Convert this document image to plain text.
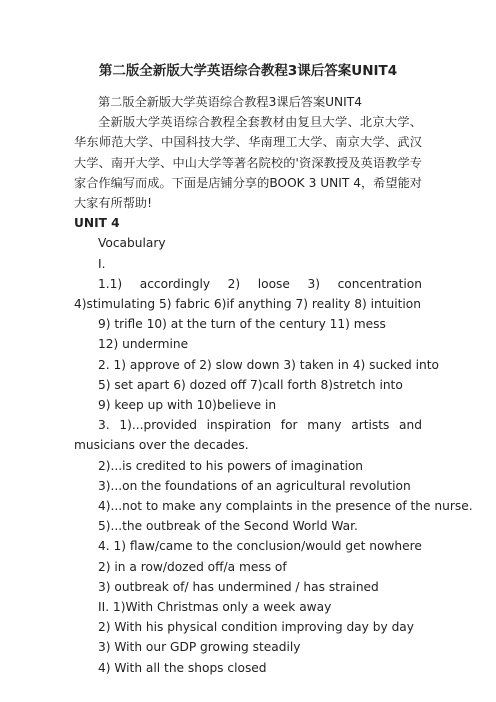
第二版全新版大学英语综合教程3课后答案UNIT4

第二版全新版大学英语综合教程3课后答案UNIT4

全新版大学英语综合教程全套教材由复旦大学、北京大学、华东师范大学、中国科技大学、华南理工大学、南京大学、武汉大学、南开大学、中山大学等著名院校的'资深教授及英语教学专家合作编写而成。下面是店铺分享的BOOK 3 UNIT 4，希望能对大家有所帮助!

UNIT 4

Vocabulary

I.

1.1) accordingly 2) loose 3) concentration 4)stimulating 5) fabric 6)if anything 7) reality 8) intuition

9) trifle 10) at the turn of the century 11) mess

12) undermine

2. 1) approve of 2) slow down 3) taken in 4) sucked into

5) set apart 6) dozed off 7)call forth 8)stretch into

9) keep up with 10)believe in

3. 1)...provided inspiration for many artists and musicians over the decades.

2)...is credited to his powers of imagination

3)...on the foundations of an agricultural revolution

4)...not to make any complaints in the presence of the nurse.

5)...the outbreak of the Second World War.

4. 1) flaw/came to the conclusion/would get nowhere

2) in a row/dozed off/a mess of

3) outbreak of/ has undermined / has strained

II. 1)With Christmas only a week away

2) With his physical condition improving day by day

3) With our GDP growing steadily

4) With all the shops closed
